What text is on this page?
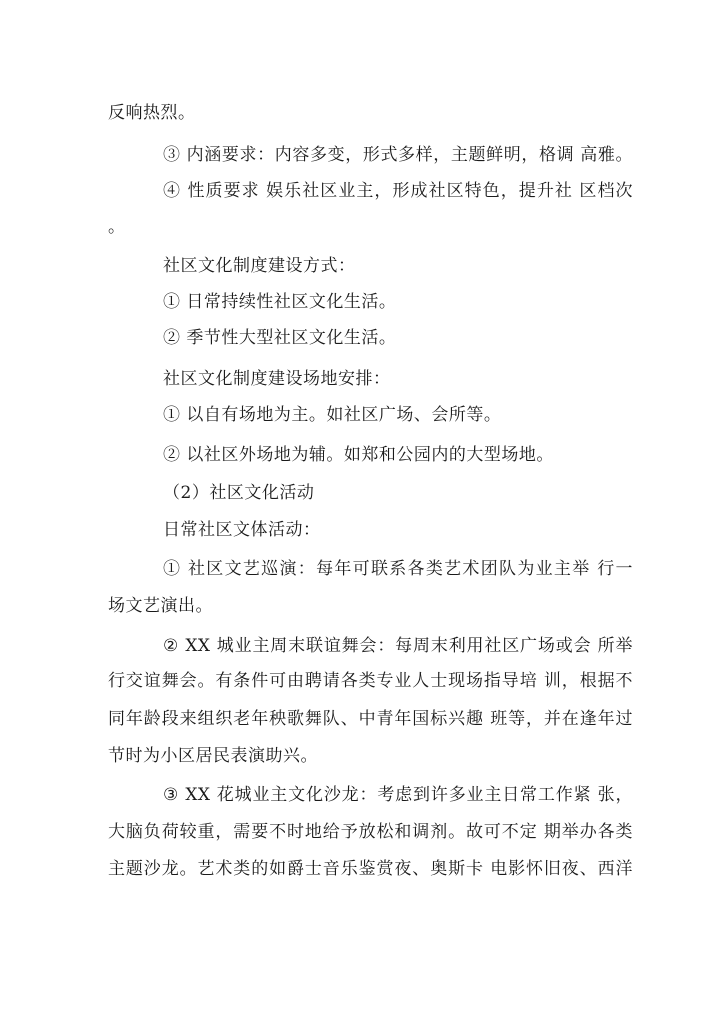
反响热烈。
③ 内涵要求：内容多变，形式多样，主题鲜明，格调 高雅。
④ 性质要求 娱乐社区业主，形成社区特色，提升社 区档次
。
社区文化制度建设方式：
① 日常持续性社区文化生活。
② 季节性大型社区文化生活。
社区文化制度建设场地安排：
① 以自有场地为主。如社区广场、会所等。
② 以社区外场地为辅。如郑和公园内的大型场地。
（2）社区文化活动
日常社区文体活动：
① 社区文艺巡演：每年可联系各类艺术团队为业主举 行一
场文艺演出。
② XX 城业主周末联谊舞会：每周末利用社区广场或会 所举
行交谊舞会。有条件可由聘请各类专业人士现场指导培 训，根据不
同年龄段来组织老年秧歌舞队、中青年国标兴趣 班等，并在逢年过
节时为小区居民表演助兴。
③ XX 花城业主文化沙龙：考虑到许多业主日常工作紧 张，
大脑负荷较重，需要不时地给予放松和调剂。故可不定 期举办各类
主题沙龙。艺术类的如爵士音乐鉴赏夜、奥斯卡 电影怀旧夜、西洋
